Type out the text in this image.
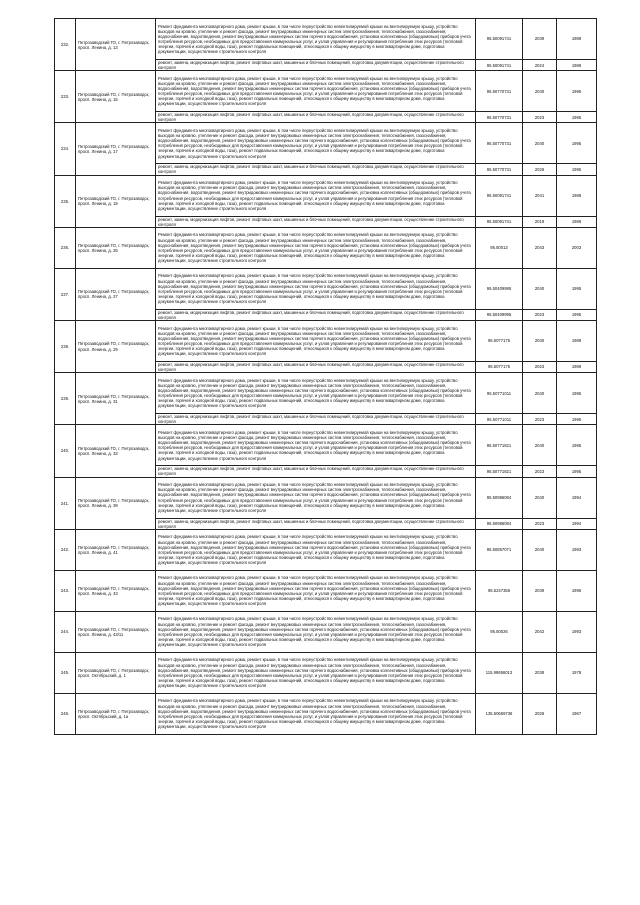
232.	Петрозаводский ГО, г. Петрозаводск, просп. Ленина, д. 13	Ремонт фундамента многоквартирного дома, ремонт крыши, в том числе переустройство невентилируемой крыши на вентилируемую крышу, устройство выходов на кровлю, утепление и ремонт фасада, ремонт внутридомовых инженерных систем электроснабжения, теплоснабжения, газоснабжения, водоснабжения, водоотведения, ремонт внутридомовых инженерных систем горячего водоснабжения, установка коллективных (общедомовых) приборов учета потребления ресурсов, необходимых для предоставления коммунальных услуг, и узлов управления и регулирования потребления этих ресурсов (тепловой энергии, горячей и холодной воды, газа), ремонт подвальных помещений, относящихся к общему имуществу в многоквартирном доме, подготовка документации, осуществление строительного контроля	95.50091741	2039	1989
		ремонт, замена, модернизация лифтов, ремонт лифтовых шахт, машинных и блочных помещений, подготовка документации, осуществление строительного контроля	95.50091741	2024	1989
233.	Петрозаводский ГО, г. Петрозаводск, просп. Ленина, д. 15	Ремонт фундамента многоквартирного дома, ремонт крыши, в том числе переустройство невентилируемой крыши на вентилируемую крышу, устройство выходов на кровлю, утепление и ремонт фасада, ремонт внутридомовых инженерных систем электроснабжения, теплоснабжения, газоснабжения, водоснабжения, водоотведения, ремонт внутридомовых инженерных систем горячего водоснабжения, установка коллективных (общедомовых) приборов учета потребления ресурсов, необходимых для предоставления коммунальных услуг, и узлов управления и регулирования потребления этих ресурсов (тепловой энергии, горячей и холодной воды, газа), ремонт подвальных помещений, относящихся к общему имуществу в многоквартирном доме, подготовка документации, осуществление строительного контроля	95.50770731	2040	1995
		ремонт, замена, модернизация лифтов, ремонт лифтовых шахт, машинных и блочных помещений, подготовка документации, осуществление строительного контроля	95.50770731	2023	1995
234.	Петрозаводский ГО, г. Петрозаводск, просп. Ленина, д. 17	Ремонт фундамента многоквартирного дома, ремонт крыши, в том числе переустройство невентилируемой крыши на вентилируемую крышу, устройство выходов на кровлю, утепление и ремонт фасада, ремонт внутридомовых инженерных систем электроснабжения, теплоснабжения, газоснабжения, водоснабжения, водоотведения, ремонт внутридомовых инженерных систем горячего водоснабжения, установка коллективных (общедомовых) приборов учета потребления ресурсов, необходимых для предоставления коммунальных услуг, и узлов управления и регулирования потребления этих ресурсов (тепловой энергии, горячей и холодной воды, газа), ремонт подвальных помещений, относящихся к общему имуществу в многоквартирном доме, подготовка документации, осуществление строительного контроля	95.50770731	2040	1995
		ремонт, замена, модернизация лифтов, ремонт лифтовых шахт, машинных и блочных помещений, подготовка документации, осуществление строительного контроля	95.50770731	2026	1995
235.	Петрозаводский ГО, г. Петрозаводск, просп. Ленина, д. 19	Ремонт фундамента многоквартирного дома, ремонт крыши, в том числе переустройство невентилируемой крыши на вентилируемую крышу, устройство выходов на кровлю, утепление и ремонт фасада, ремонт внутридомовых инженерных систем электроснабжения, теплоснабжения, газоснабжения, водоснабжения, водоотведения, ремонт внутридомовых инженерных систем горячего водоснабжения, установка коллективных (общедомовых) приборов учета потребления ресурсов, необходимых для предоставления коммунальных услуг, и узлов управления и регулирования потребления этих ресурсов (тепловой энергии, горячей и холодной воды, газа), ремонт подвальных помещений, относящихся к общему имуществу в многоквартирном доме, подготовка документации, осуществление строительного контроля	95.50091741	2041	1989
		ремонт, замена, модернизация лифтов, ремонт лифтовых шахт, машинных и блочных помещений, подготовка документации, осуществление строительного контроля	95.50091741	2019	1989
236.	Петрозаводский ГО, г. Петрозаводск, просп. Ленина, д. 25	Ремонт фундамента многоквартирного дома, ремонт крыши, в том числе переустройство невентилируемой крыши на вентилируемую крышу, устройство выходов на кровлю, утепление и ремонт фасада, ремонт внутридомовых инженерных систем электроснабжения, теплоснабжения, газоснабжения, водоснабжения, водоотведения, ремонт внутридомовых инженерных систем горячего водоснабжения, установка коллективных (общедомовых) приборов учета потребления ресурсов, необходимых для предоставления коммунальных услуг, и узлов управления и регулирования потребления этих ресурсов (тепловой энергии, горячей и холодной воды, газа), ремонт подвальных помещений, относящихся к общему имуществу в многоквартирном доме, подготовка документации, осуществление строительного контроля	95.50013	2043	2003
237.	Петрозаводский ГО, г. Петрозаводск, просп. Ленина, д. 27	Ремонт фундамента многоквартирного дома, ремонт крыши, в том числе переустройство невентилируемой крыши на вентилируемую крышу, устройство выходов на кровлю, утепление и ремонт фасада, ремонт внутридомовых инженерных систем электроснабжения, теплоснабжения, газоснабжения, водоснабжения, водоотведения, ремонт внутридомовых инженерных систем горячего водоснабжения, установка коллективных (общедомовых) приборов учета потребления ресурсов, необходимых для предоставления коммунальных услуг, и узлов управления и регулирования потребления этих ресурсов (тепловой энергии, горячей и холодной воды, газа), ремонт подвальных помещений, относящихся к общему имуществу в многоквартирном доме, подготовка документации, осуществление строительного контроля	95.50409995	2040	1995
		ремонт, замена, модернизация лифтов, ремонт лифтовых шахт, машинных и блочных помещений, подготовка документации, осуществление строительного контроля	95.50409995	2023	1995
238.	Петрозаводский ГО, г. Петрозаводск, просп. Ленина, д. 29	Ремонт фундамента многоквартирного дома, ремонт крыши, в том числе переустройство невентилируемой крыши на вентилируемую крышу, устройство выходов на кровлю, утепление и ремонт фасада, ремонт внутридомовых инженерных систем электроснабжения, теплоснабжения, газоснабжения, водоснабжения, водоотведения, ремонт внутридомовых инженерных систем горячего водоснабжения, установка коллективных (общедомовых) приборов учета потребления ресурсов, необходимых для предоставления коммунальных услуг, и узлов управления и регулирования потребления этих ресурсов (тепловой энергии, горячей и холодной воды, газа), ремонт подвальных помещений, относящихся к общему имуществу в многоквартирном доме, подготовка документации, осуществление строительного контроля	95.5077175	2040	1989
		ремонт, замена, модернизация лифтов, ремонт лифтовых шахт, машинных и блочных помещений, подготовка документации, осуществление строительного контроля	95.5077175	2023	1989
239.	Петрозаводский ГО, г. Петрозаводск, просп. Ленина, д. 31	Ремонт фундамента многоквартирного дома, ремонт крыши, в том числе переустройство невентилируемой крыши на вентилируемую крышу, устройство выходов на кровлю, утепление и ремонт фасада, ремонт внутридомовых инженерных систем электроснабжения, теплоснабжения, газоснабжения, водоснабжения, водоотведения, ремонт внутридомовых инженерных систем горячего водоснабжения, установка коллективных (общедомовых) приборов учета потребления ресурсов, необходимых для предоставления коммунальных услуг, и узлов управления и регулирования потребления этих ресурсов (тепловой энергии, горячей и холодной воды, газа), ремонт подвальных помещений, относящихся к общему имуществу в многоквартирном доме, подготовка документации, осуществление строительного контроля	95.50771011	2040	1995
		ремонт, замена, модернизация лифтов, ремонт лифтовых шахт, машинных и блочных помещений, подготовка документации, осуществление строительного контроля	95.50771011	2023	1995
240.	Петрозаводский ГО, г. Петрозаводск, просп. Ленина, д. 33	Ремонт фундамента многоквартирного дома, ремонт крыши, в том числе переустройство невентилируемой крыши на вентилируемую крышу, устройство выходов на кровлю, утепление и ремонт фасада, ремонт внутридомовых инженерных систем электроснабжения, теплоснабжения, газоснабжения, водоснабжения, водоотведения, ремонт внутридомовых инженерных систем горячего водоснабжения, установка коллективных (общедомовых) приборов учета потребления ресурсов, необходимых для предоставления коммунальных услуг, и узлов управления и регулирования потребления этих ресурсов (тепловой энергии, горячей и холодной воды, газа), ремонт подвальных помещений, относящихся к общему имуществу в многоквартирном доме, подготовка документации, осуществление строительного контроля	95.50771821	2040	1995
		ремонт, замена, модернизация лифтов, ремонт лифтовых шахт, машинных и блочных помещений, подготовка документации, осуществление строительного контроля	95.50771821	2023	1995
241.	Петрозаводский ГО, г. Петрозаводск, просп. Ленина, д. 39	Ремонт фундамента многоквартирного дома, ремонт крыши, в том числе переустройство невентилируемой крыши на вентилируемую крышу, устройство выходов на кровлю, утепление и ремонт фасада, ремонт внутридомовых инженерных систем электроснабжения, теплоснабжения, газоснабжения, водоснабжения, водоотведения, ремонт внутридомовых инженерных систем горячего водоснабжения, установка коллективных (общедомовых) приборов учета потребления ресурсов, необходимых для предоставления коммунальных услуг, и узлов управления и регулирования потребления этих ресурсов (тепловой энергии, горячей и холодной воды, газа), ремонт подвальных помещений, относящихся к общему имуществу в многоквартирном доме, подготовка документации, осуществление строительного контроля	95.50986084	2040	1994
		ремонт, замена, модернизация лифтов, ремонт лифтовых шахт, машинных и блочных помещений, подготовка документации, осуществление строительного контроля	95.50986084	2023	1994
242.	Петрозаводский ГО, г. Петрозаводск, просп. Ленина, д. 41	Ремонт фундамента многоквартирного дома, ремонт крыши, в том числе переустройство невентилируемой крыши на вентилируемую крышу, устройство выходов на кровлю, утепление и ремонт фасада, ремонт внутридомовых инженерных систем электроснабжения, теплоснабжения, газоснабжения, водоснабжения, водоотведения, ремонт внутридомовых инженерных систем горячего водоснабжения, установка коллективных (общедомовых) приборов учета потребления ресурсов, необходимых для предоставления коммунальных услуг, и узлов управления и регулирования потребления этих ресурсов (тепловой энергии, горячей и холодной воды, газа), ремонт подвальных помещений, относящихся к общему имуществу в многоквартирном доме, подготовка документации, осуществление строительного контроля	95.50857071	2040	1993
243.	Петрозаводский ГО, г. Петрозаводск, просп. Ленина, д. 43	Ремонт фундамента многоквартирного дома, ремонт крыши, в том числе переустройство невентилируемой крыши на вентилируемую крышу, устройство выходов на кровлю, утепление и ремонт фасада, ремонт внутридомовых инженерных систем электроснабжения, теплоснабжения, газоснабжения, водоснабжения, водоотведения, ремонт внутридомовых инженерных систем горячего водоснабжения, установка коллективных (общедомовых) приборов учета потребления ресурсов, необходимых для предоставления коммунальных услуг, и узлов управления и регулирования потребления этих ресурсов (тепловой энергии, горячей и холодной воды, газа), ремонт подвальных помещений, относящихся к общему имуществу в многоквартирном доме, подготовка документации, осуществление строительного контроля	95.5247356	2039	1996
244.	Петрозаводский ГО, г. Петрозаводск, просп. Ленина, д. 43/11	Ремонт фундамента многоквартирного дома, ремонт крыши, в том числе переустройство невентилируемой крыши на вентилируемую крышу, устройство выходов на кровлю, утепление и ремонт фасада, ремонт внутридомовых инженерных систем электроснабжения, теплоснабжения, газоснабжения, водоснабжения, водоотведения, ремонт внутридомовых инженерных систем горячего водоснабжения, установка коллективных (общедомовых) приборов учета потребления ресурсов, необходимых для предоставления коммунальных услуг, и узлов управления и регулирования потребления этих ресурсов (тепловой энергии, горячей и холодной воды, газа), ремонт подвальных помещений, относящихся к общему имуществу в многоквартирном доме, подготовка документации, осуществление строительного контроля	95.50026	2042	1993
245.	Петрозаводский ГО, г. Петрозаводск, просп. Октябрьский, д. 1	Ремонт фундамента многоквартирного дома, ремонт крыши, в том числе переустройство невентилируемой крыши на вентилируемую крышу, устройство выходов на кровлю, утепление и ремонт фасада, ремонт внутридомовых инженерных систем электроснабжения, теплоснабжения, газоснабжения, водоснабжения, водоотведения, ремонт внутридомовых инженерных систем горячего водоснабжения, установка коллективных (общедомовых) приборов учета потребления ресурсов, необходимых для предоставления коммунальных услуг, и узлов управления и регулирования потребления этих ресурсов (тепловой энергии, горячей и холодной воды, газа), ремонт подвальных помещений, относящихся к общему имуществу в многоквартирном доме, подготовка документации, осуществление строительного контроля	115.99656013	2038	1978
246.	Петрозаводский ГО, г. Петрозаводск, просп. Октябрьский, д. 1а	Ремонт фундамента многоквартирного дома, ремонт крыши, в том числе переустройство невентилируемой крыши на вентилируемую крышу, устройство выходов на кровлю, утепление и ремонт фасада, ремонт внутридомовых инженерных систем электроснабжения, теплоснабжения, газоснабжения, водоснабжения, водоотведения, ремонт внутридомовых инженерных систем горячего водоснабжения, установка коллективных (общедомовых) приборов учета потребления ресурсов, необходимых для предоставления коммунальных услуг, и узлов управления и регулирования потребления этих ресурсов (тепловой энергии, горячей и холодной воды, газа), ремонт подвальных помещений, относящихся к общему имуществу в многоквартирном доме, подготовка документации, осуществление строительного контроля	135.50669736	2026	1967
